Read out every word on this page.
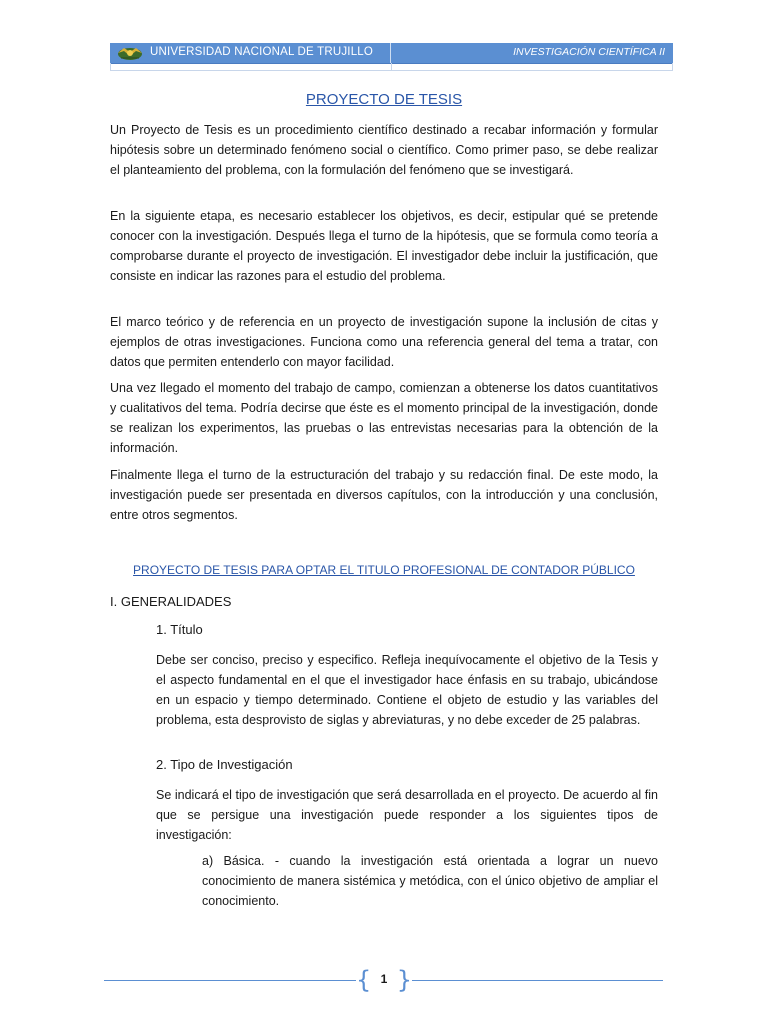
UNIVERSIDAD NACIONAL DE TRUJILLO	INVESTIGACIÓN CIENTÍFICA II
PROYECTO DE TESIS

Un Proyecto de Tesis es un procedimiento científico destinado a recabar información y formular hipótesis sobre un determinado fenómeno social o científico. Como primer paso, se debe realizar el planteamiento del problema, con la formulación del fenómeno que se investigará.

En la siguiente etapa, es necesario establecer los objetivos, es decir, estipular qué se pretende conocer con la investigación. Después llega el turno de la hipótesis, que se formula como teoría a comprobarse durante el proyecto de investigación. El investigador debe incluir la justificación, que consiste en indicar las razones para el estudio del problema.

El marco teórico y de referencia en un proyecto de investigación supone la inclusión de citas y ejemplos de otras investigaciones. Funciona como una referencia general del tema a tratar, con datos que permiten entenderlo con mayor facilidad.

Una vez llegado el momento del trabajo de campo, comienzan a obtenerse los datos cuantitativos y cualitativos del tema. Podría decirse que éste es el momento principal de la investigación, donde se realizan los experimentos, las pruebas o las entrevistas necesarias para la obtención de la información.

Finalmente llega el turno de la estructuración del trabajo y su redacción final. De este modo, la investigación puede ser presentada en diversos capítulos, con la introducción y una conclusión, entre otros segmentos.

PROYECTO DE TESIS PARA OPTAR EL TITULO PROFESIONAL DE CONTADOR PÚBLICO
I. GENERALIDADES
1. Título

Debe ser conciso, preciso y especifico. Refleja inequívocamente el objetivo de la Tesis y el aspecto fundamental en el que el investigador hace énfasis en su trabajo, ubicándose en un espacio y tiempo determinado. Contiene el objeto de estudio y las variables del problema, esta desprovisto de siglas y abreviaturas, y no debe exceder de 25 palabras.

2. Tipo de Investigación

Se indicará el tipo de investigación que será desarrollada en el proyecto. De acuerdo al fin que se persigue una investigación puede responder a los siguientes tipos de investigación:

a) Básica. - cuando la investigación está orientada a lograr un nuevo conocimiento de manera sistémica y metódica, con el único objetivo de ampliar el conocimiento.

{ 1 }
